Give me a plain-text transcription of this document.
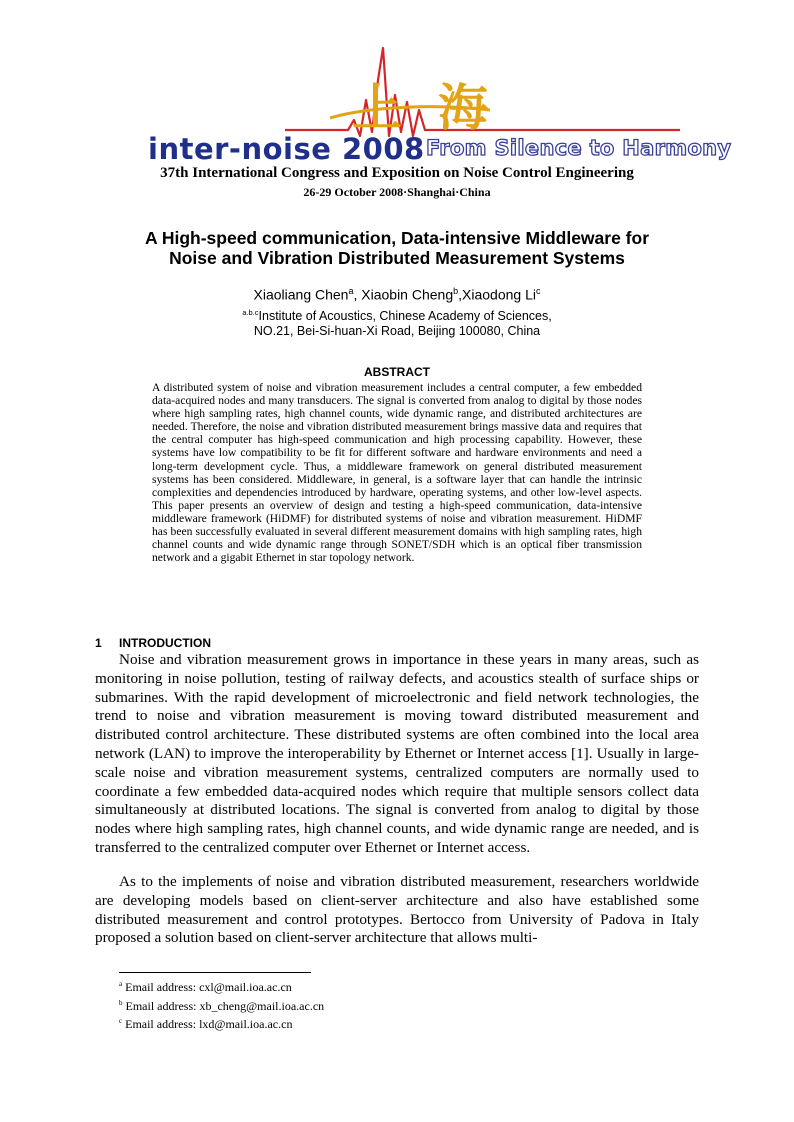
上海
inter-noise 2008 From Silence to Harmony
37th International Congress and Exposition on Noise Control Engineering
26-29 October 2008·Shanghai·China
A High-speed communication, Data-intensive Middleware for
Noise and Vibration Distributed Measurement Systems
Xiaoliang Chen$^a$, Xiaobin Cheng$^b$,Xiaodong Li$^c$
$^{a.b.c}$Institute of Acoustics, Chinese Academy of Sciences,
NO.21, Bei-Si-huan-Xi Road, Beijing 100080, China
ABSTRACT
A distributed system of noise and vibration measurement includes a central computer, a few embedded data-acquired nodes and many transducers. The signal is converted from analog to digital by those nodes where high sampling rates, high channel counts, wide dynamic range, and distributed architectures are needed. Therefore, the noise and vibration distributed measurement brings massive data and requires that the central computer has high-speed communication and high processing capability. However, these systems have low compatibility to be fit for different software and hardware environments and need a long-term development cycle. Thus, a middleware framework on general distributed measurement systems has been considered. Middleware, in general, is a software layer that can handle the intrinsic complexities and dependencies introduced by hardware, operating systems, and other low-level aspects. This paper presents an overview of design and testing a high-speed communication, data-intensive middleware framework (HiDMF) for distributed systems of noise and vibration measurement. HiDMF has been successfully evaluated in several different measurement domains with high sampling rates, high channel counts and wide dynamic range through SONET/SDH which is an optical fiber transmission network and a gigabit Ethernet in star topology network.
1 INTRODUCTION

Noise and vibration measurement grows in importance in these years in many areas, such as monitoring in noise pollution, testing of railway defects, and acoustics stealth of surface ships or submarines. With the rapid development of microelectronic and field network technologies, the trend to noise and vibration measurement is moving toward distributed measurement and distributed control architecture. These distributed systems are often combined into the local area network (LAN) to improve the interoperability by Ethernet or Internet access [1]. Usually in large-scale noise and vibration measurement systems, centralized computers are normally used to coordinate a few embedded data-acquired nodes which require that multiple sensors collect data simultaneously at distributed locations. The signal is converted from analog to digital by those nodes where high sampling rates, high channel counts, and wide dynamic range are needed, and is transferred to the centralized computer over Ethernet or Internet access.

As to the implements of noise and vibration distributed measurement, researchers worldwide are developing models based on client-server architecture and also have established some distributed measurement and control prototypes. Bertocco from University of Padova in Italy proposed a solution based on client-server architecture that allows multi-

$^a$ Email address: cxl@mail.ioa.ac.cn
$^b$ Email address: xb_cheng@mail.ioa.ac.cn
$^c$ Email address: lxd@mail.ioa.ac.cn
